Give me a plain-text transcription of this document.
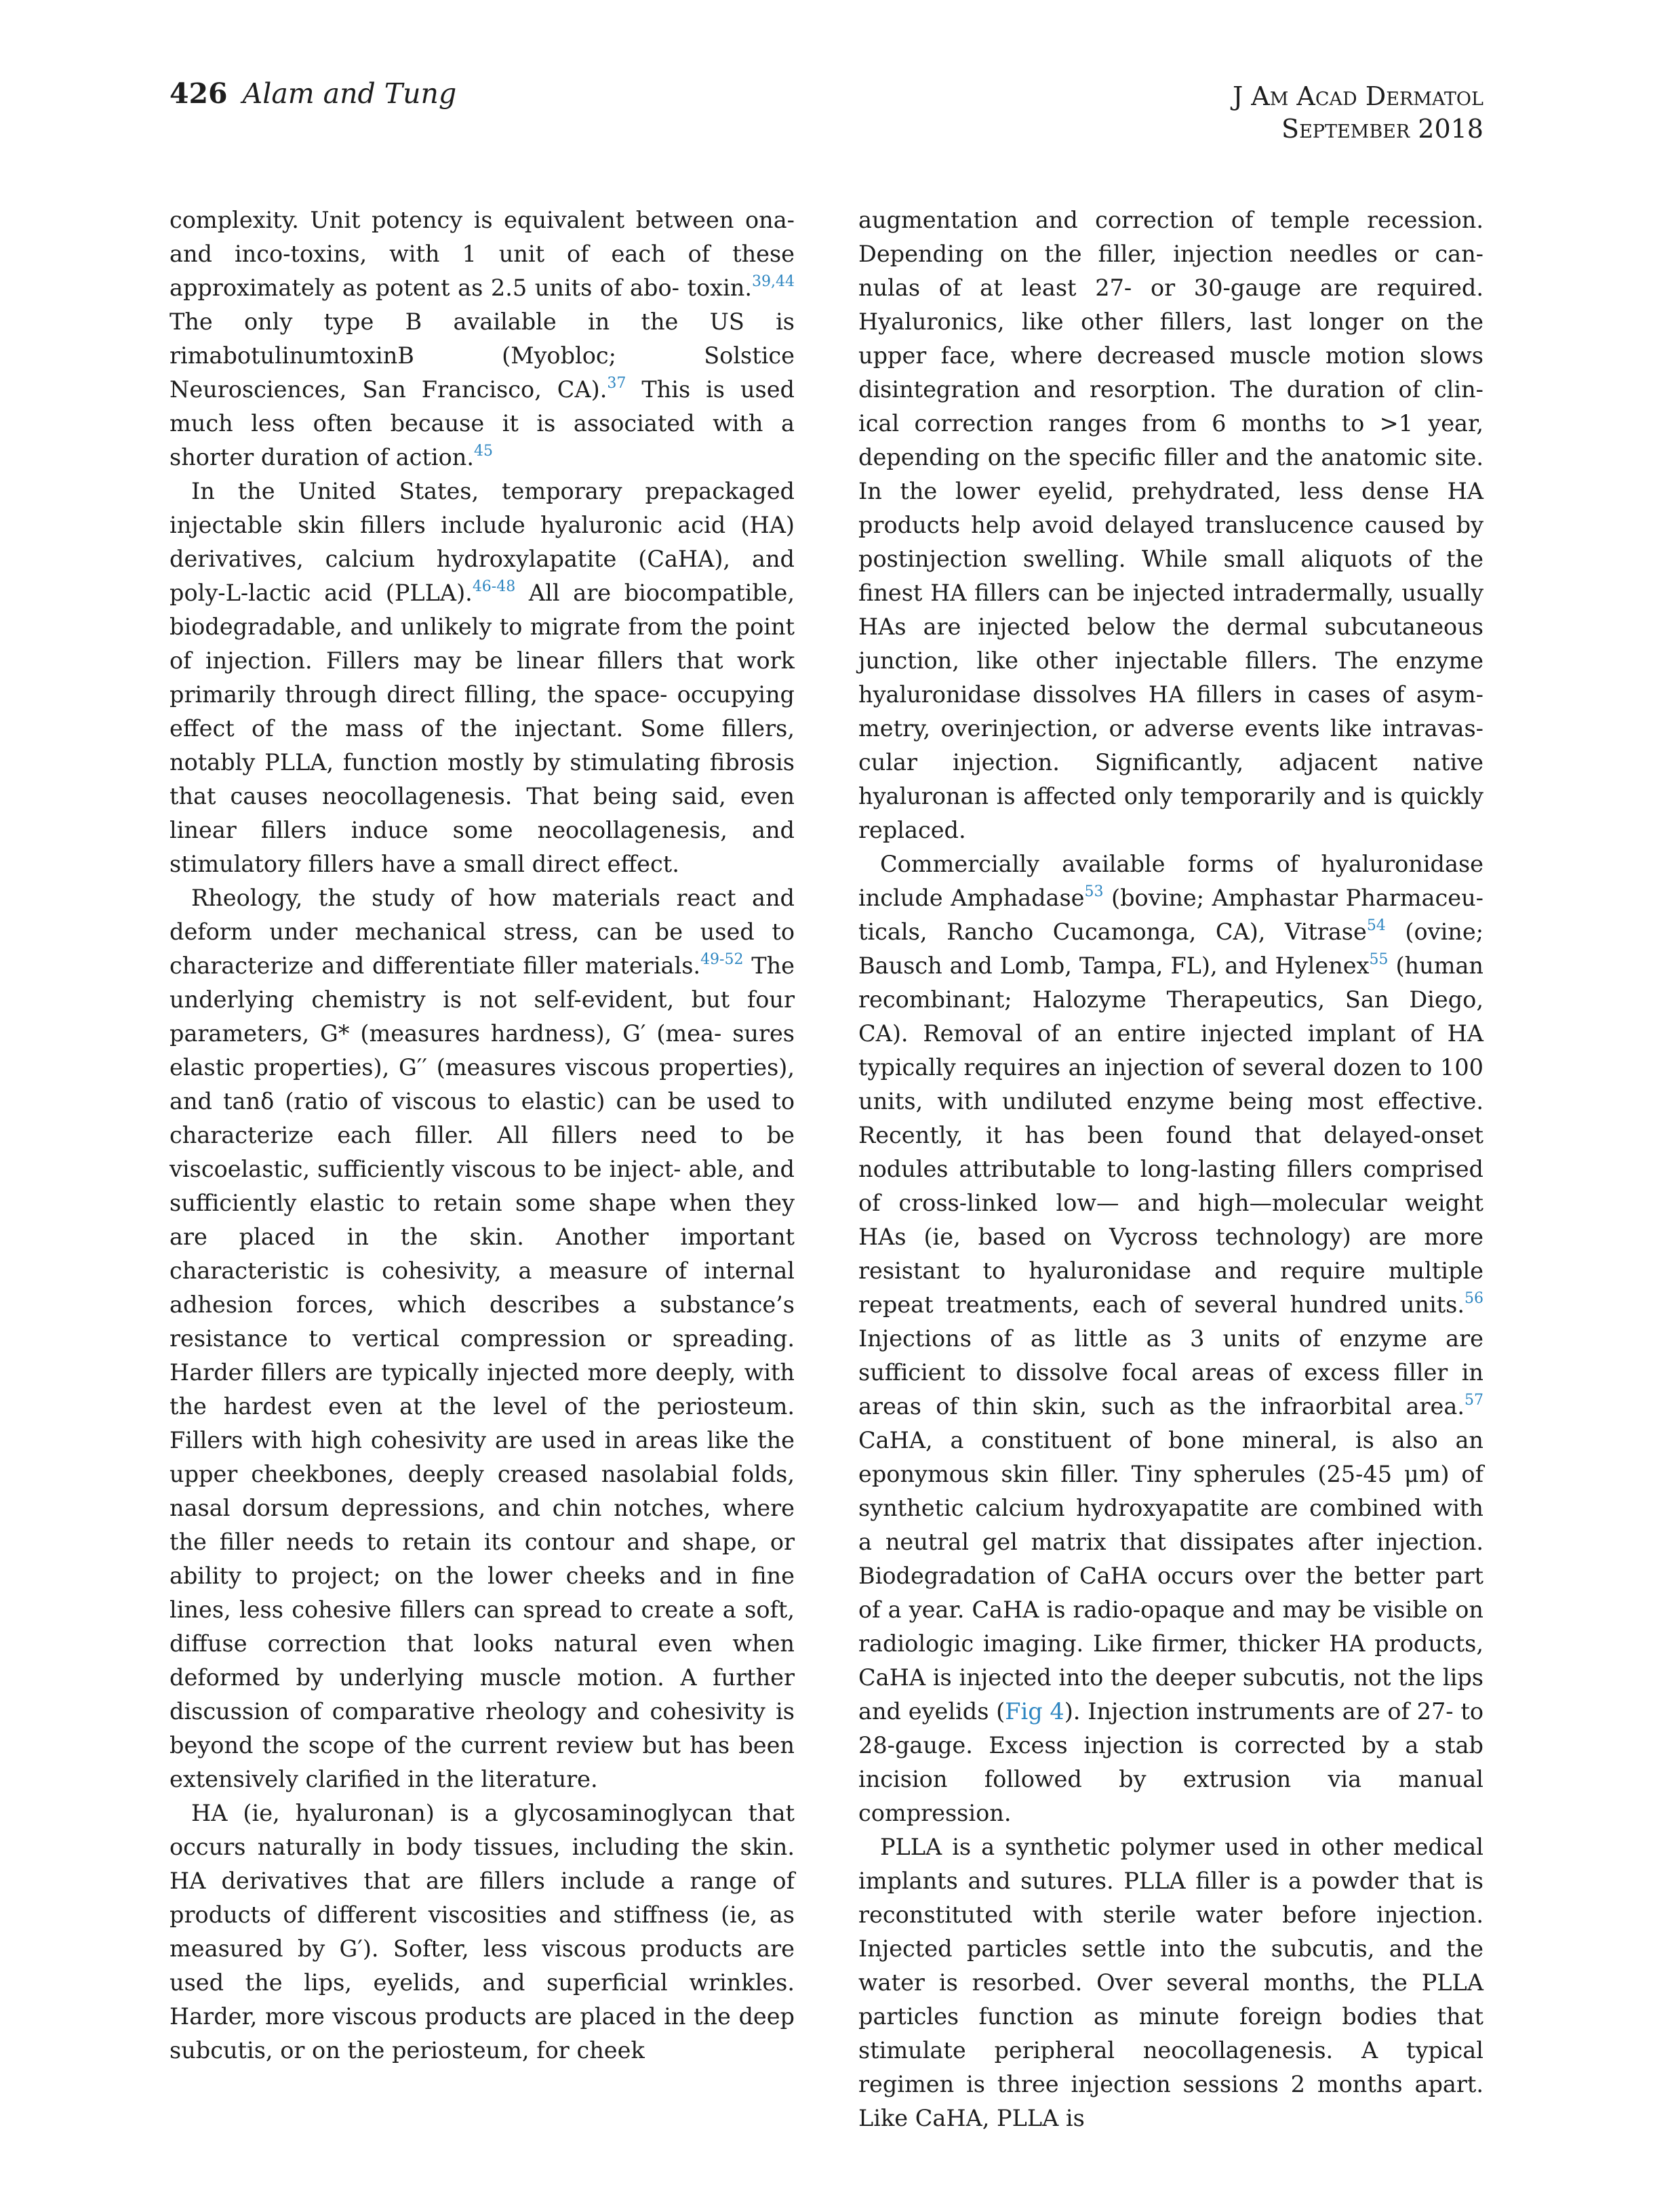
426 Alam and Tung	J Am Acad Dermatol
September 2018

complexity. Unit potency is equivalent between ona- and inco-toxins, with 1 unit of each of these approximately as potent as 2.5 units of abo- toxin.$^{39,44}$ The only type B available in the US is rimabotulinumtoxinB (Myobloc; Solstice Neurosciences, San Francisco, CA).$^{37}$ This is used much less often because it is associated with a shorter duration of action.$^{45}$

In the United States, temporary prepackaged injectable skin fillers include hyaluronic acid (HA) derivatives, calcium hydroxylapatite (CaHA), and poly-L-lactic acid (PLLA).$^{46-48}$ All are biocompatible, biodegradable, and unlikely to migrate from the point of injection. Fillers may be linear fillers that work primarily through direct filling, the space- occupying effect of the mass of the injectant. Some fillers, notably PLLA, function mostly by stimulating fibrosis that causes neocollagenesis. That being said, even linear fillers induce some neocollagenesis, and stimulatory fillers have a small direct effect.

Rheology, the study of how materials react and deform under mechanical stress, can be used to characterize and differentiate filler materials.$^{49-52}$ The underlying chemistry is not self-evident, but four parameters, G* (measures hardness), G′ (mea- sures elastic properties), G′′ (measures viscous properties), and tanδ (ratio of viscous to elastic) can be used to characterize each filler. All fillers need to be viscoelastic, sufficiently viscous to be inject- able, and sufficiently elastic to retain some shape when they are placed in the skin. Another important characteristic is cohesivity, a measure of internal adhesion forces, which describes a substance’s resistance to vertical compression or spreading. Harder fillers are typically injected more deeply, with the hardest even at the level of the periosteum. Fillers with high cohesivity are used in areas like the upper cheekbones, deeply creased nasolabial folds, nasal dorsum depressions, and chin notches, where the filler needs to retain its contour and shape, or ability to project; on the lower cheeks and in fine lines, less cohesive fillers can spread to create a soft, diffuse correction that looks natural even when deformed by underlying muscle motion. A further discussion of comparative rheology and cohesivity is beyond the scope of the current review but has been extensively clarified in the literature.

HA (ie, hyaluronan) is a glycosaminoglycan that occurs naturally in body tissues, including the skin. HA derivatives that are fillers include a range of products of different viscosities and stiffness (ie, as measured by G′). Softer, less viscous products are used the lips, eyelids, and superficial wrinkles. Harder, more viscous products are placed in the deep subcutis, or on the periosteum, for cheek

augmentation and correction of temple recession. Depending on the filler, injection needles or can- nulas of at least 27- or 30-gauge are required. Hyaluronics, like other fillers, last longer on the upper face, where decreased muscle motion slows disintegration and resorption. The duration of clin- ical correction ranges from 6 months to >1 year, depending on the specific filler and the anatomic site. In the lower eyelid, prehydrated, less dense HA products help avoid delayed translucence caused by postinjection swelling. While small aliquots of the finest HA fillers can be injected intradermally, usually HAs are injected below the dermal subcutaneous junction, like other injectable fillers. The enzyme hyaluronidase dissolves HA fillers in cases of asym- metry, overinjection, or adverse events like intravas- cular injection. Significantly, adjacent native hyaluronan is affected only temporarily and is quickly replaced.

Commercially available forms of hyaluronidase include Amphadase$^{53}$ (bovine; Amphastar Pharmaceu- ticals, Rancho Cucamonga, CA), Vitrase$^{54}$ (ovine; Bausch and Lomb, Tampa, FL), and Hylenex$^{55}$ (human recombinant; Halozyme Therapeutics, San Diego, CA). Removal of an entire injected implant of HA typically requires an injection of several dozen to 100 units, with undiluted enzyme being most effective. Recently, it has been found that delayed-onset nodules attributable to long-lasting fillers comprised of cross-linked low— and high—molecular weight HAs (ie, based on Vycross technology) are more resistant to hyaluronidase and require multiple repeat treatments, each of several hundred units.$^{56}$ Injections of as little as 3 units of enzyme are sufficient to dissolve focal areas of excess filler in areas of thin skin, such as the infraorbital area.$^{57}$ CaHA, a constituent of bone mineral, is also an eponymous skin filler. Tiny spherules (25-45 μm) of synthetic calcium hydroxyapatite are combined with a neutral gel matrix that dissipates after injection. Biodegradation of CaHA occurs over the better part of a year. CaHA is radio-opaque and may be visible on radiologic imaging. Like firmer, thicker HA products, CaHA is injected into the deeper subcutis, not the lips and eyelids (Fig 4). Injection instruments are of 27- to 28-gauge. Excess injection is corrected by a stab incision followed by extrusion via manual compression.

PLLA is a synthetic polymer used in other medical implants and sutures. PLLA filler is a powder that is reconstituted with sterile water before injection. Injected particles settle into the subcutis, and the water is resorbed. Over several months, the PLLA particles function as minute foreign bodies that stimulate peripheral neocollagenesis. A typical regimen is three injection sessions 2 months apart. Like CaHA, PLLA is
